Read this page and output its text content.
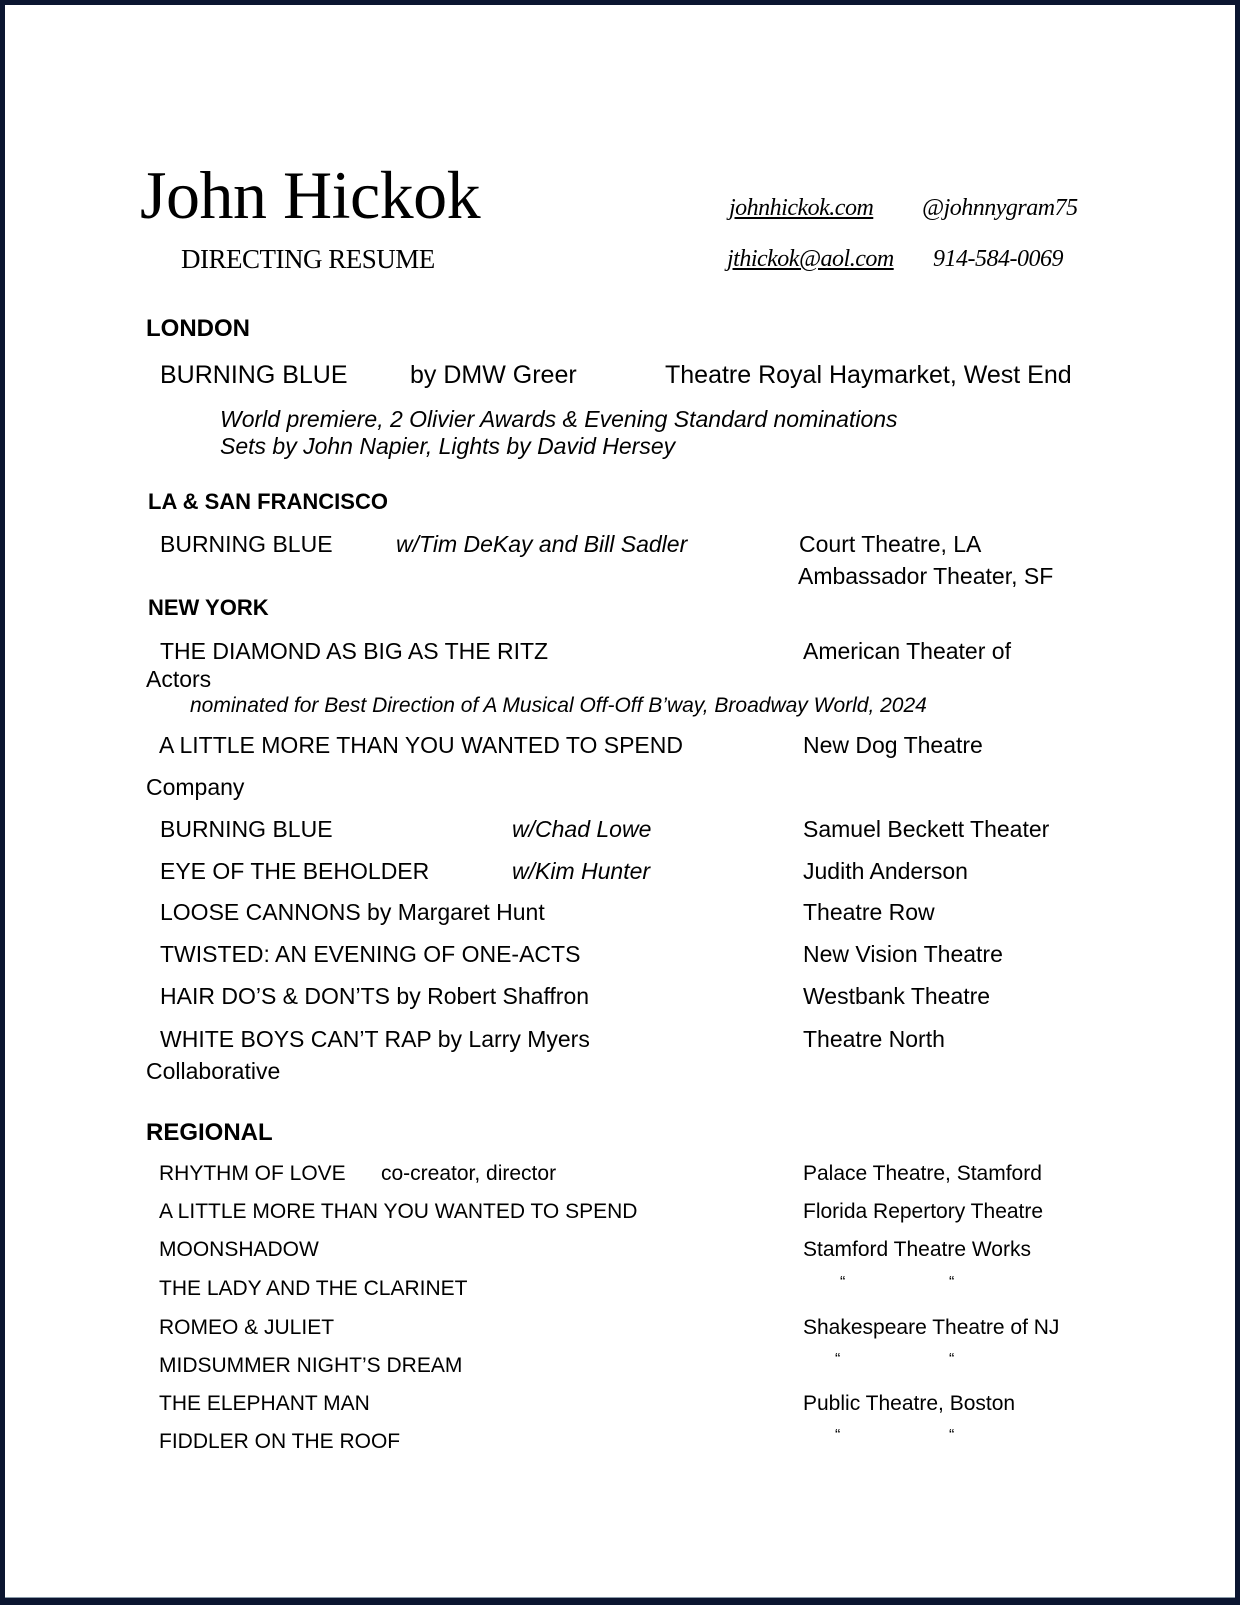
John Hickok
DIRECTING RESUME
johnhickok.com @johnnygram75
jthickok@aol.com 914-584-0069
LONDON
BURNING BLUE by DMW Greer	Theatre Royal Haymarket, West End
World premiere, 2 Olivier Awards & Evening Standard nominations
Sets by John Napier, Lights by David Hersey
LA & SAN FRANCISCO
BURNING BLUE	w/Tim DeKay and Bill Sadler	Court Theatre, LA
Ambassador Theater, SF
NEW YORK
THE DIAMOND AS BIG AS THE RITZ	American Theater of
Actors
nominated for Best Direction of A Musical Off-Off B’way, Broadway World, 2024
A LITTLE MORE THAN YOU WANTED TO SPEND	New Dog Theatre
Company
BURNING BLUE	w/Chad Lowe	Samuel Beckett Theater
EYE OF THE BEHOLDER	w/Kim Hunter	Judith Anderson
LOOSE CANNONS by Margaret Hunt	Theatre Row
TWISTED: AN EVENING OF ONE-ACTS	New Vision Theatre
HAIR DO’S & DON’TS by Robert Shaffron	Westbank Theatre
WHITE BOYS CAN’T RAP by Larry Myers	Theatre North
Collaborative
REGIONAL
RHYTHM OF LOVE co-creator, director	Palace Theatre, Stamford
A LITTLE MORE THAN YOU WANTED TO SPEND	Florida Repertory Theatre
MOONSHADOW	Stamford Theatre Works
THE LADY AND THE CLARINET	“	“
ROMEO & JULIET	Shakespeare Theatre of NJ
MIDSUMMER NIGHT’S DREAM	“	“
THE ELEPHANT MAN	Public Theatre, Boston
FIDDLER ON THE ROOF	“	“
